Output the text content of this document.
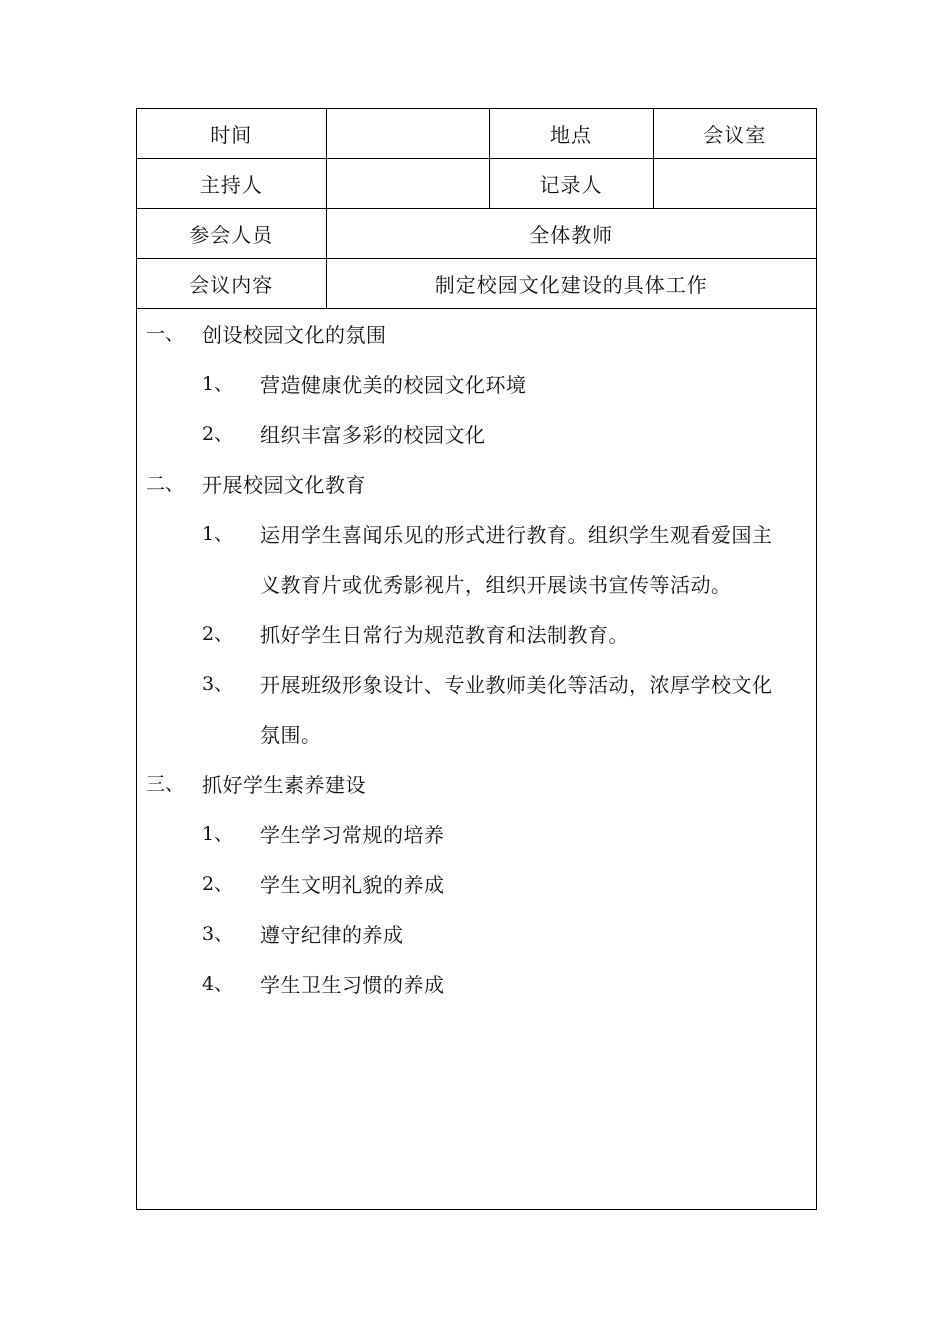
时间		地点	会议室
主持人		记录人	
参会人员	全体教师		
会议内容	制定校园文化建设的具体工作		
一、 创设校园文化的氛围
1、 营造健康优美的校园文化环境
2、 组织丰富多彩的校园文化
二、 开展校园文化教育
1、 运用学生喜闻乐见的形式进行教育。组织学生观看爱国主
义教育片或优秀影视片，组织开展读书宣传等活动。
2、 抓好学生日常行为规范教育和法制教育。
3、 开展班级形象设计、专业教师美化等活动，浓厚学校文化
氛围。
三、 抓好学生素养建设
1、 学生学习常规的培养
2、 学生文明礼貌的养成
3、 遵守纪律的养成
4、 学生卫生习惯的养成
